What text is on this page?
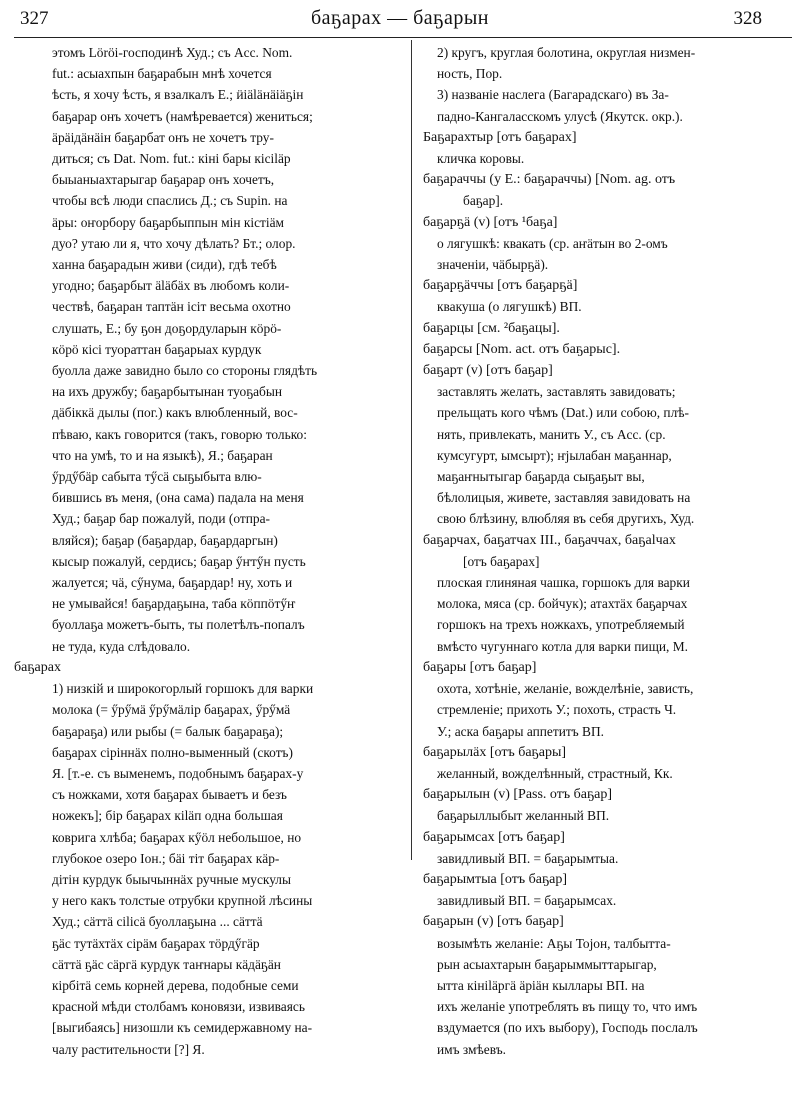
327	баҕарах — баҕарын	328
этомъ Lӧrӧi-господинѣ Худ.; съ Acc. Nom.
fut.: асыахпын баҕарабын мнѣ хочется
ѣсть, я хочу ѣсть, я взалкалъ Е.; ӥіäläнäіäҕін
баҕарар онъ хочетъ (намѣревается) жениться;
äрäідäнäін баҕарбат онъ не хочетъ тру-
диться; съ Dat. Nom. fut.: кіні бары кісіläр
быыаныахтарыгар баҕарар онъ хочетъ,
чтобы всѣ люди спаслись Д.; съ Supin. на
äры: оҥорбору баҕарбыппын мін кістіäм
дуо? утаю ли я, что хочу дѣлать? Бт.; олор.
ханна баҕарадын живи (сиди), гдѣ тебѣ
угодно; баҕарбыт äläбäх въ любомъ коли-
чествѣ, баҕаран таптäн ісіт весьма охотно
слушать, Е.; бу ҕон доҕордуларын кӧрӧ-
кӧрӧ кісі туораттан баҕарыах курдук
буолла даже завидно было со стороны глядѣть
на ихъ дружбу; баҕарбытынан туоҕабын
дäбiккä дылы (пог.) какъ влюбленный, вос-
пѣваю, какъ говорится (такъ, говорю только:
что на умѣ, то и на языкѣ), Я.; баҕаран
ӳрдӳбäр сабыта тӳсä сыҕыбыта влю-
бившись въ меня, (она сама) падала на меня
Худ.; баҕар бар пожалуй, поди (отпра-
вляйся); баҕар (баҕардар, баҕардаргын)
кысыр пожалуй, сердись; баҕар ӳҥтӳн пусть
жалуется; чä, сӳнума, баҕардар! ну, хоть и
не умывайся! баҕардаҕына, таба кӧппӧтӳҥ
буоллаҕа можетъ-быть, ты полетѣлъ-попалъ
не туда, куда слѣдовало.
баҕарах
1) низкій и широкогорлый горшокъ для варки
молока (= ӳрӳмä ӳрӳмäліp баҕарах, ӳрӳмä
баҕараҕа) или рыбы (= балык баҕараҕа);
баҕарах сіріннäх полно-выменный (скотъ)
Я. [т.-е. съ выменемъ, подобнымъ баҕарах-у
съ ножками, хотя баҕарах бываетъ и безъ
ножекъ]; бір баҕарах кіläп одна большая
коврига хлѣба; баҕарах кӳӧл небольшое, но
глубокое озеро Іон.; бäі тіт баҕарах кäр-
дітін курдук быычыннäх ручные мускулы
у него какъ толстые отрубки крупной лѣсины
Худ.; сäттä сіlicä буоллаҕына ... сäттä
ҕäс тутäхтäх сірäм баҕарах тӧрдӳгäр
сäттä ҕäс сäргä курдук таҥнары кäдäҕäн
кірбітä семь корней дерева, подобные семи
красной мѣди столбамъ коновязи, извиваясь
[выгибаясь] низошли къ семидержавному на-
чалу растительности [?] Я.
2) кругъ, круглая болотина, округлая низмен-
ность, Пор.
3) названіе наслега (Багарадскаго) въ За-
падно-Кангаласскомъ улусѣ (Якутск. окр.).
Баҕарахтыр [отъ баҕарах]
кличка коровы.
баҕараччы (у Е.: баҕараччы) [Nom. ag. отъ
баҕар].
баҕарҕä (v) [отъ ¹баҕа]
о лягушкѣ: квакать (ср. аҥäтын во 2-омъ
значеніи, чäбырҕä).
баҕарҕäччы [отъ баҕарҕä]
квакуша (о лягушкѣ) ВП.
баҕарцы [см. ²баҕацы].
баҕарсы [Nom. act. отъ баҕарыс].
баҕарт (v) [отъ баҕар]
заставлять желать, заставлять завидовать;
прельщать кого чѣмъ (Dat.) или собою, плѣ-
нять, привлекать, манить У., съ Acc. (ср.
кумсугурт, ымсырт); ҥјылабан маҕаннар,
маҕаҥнытыгар баҕарда сыҕаҕыт вы,
бѣлолицыя, живете, заставляя завидовать на
свою блѣзину, влюбляя въ себя другихъ, Худ.
баҕарчах, баҕатчах III., баҕаччах, баҕаlчах
[отъ баҕарах]
плоская глиняная чашка, горшокъ для варки
молока, мяса (ср. бойчук); атахтäх баҕарчах
горшокъ на трехъ ножкахъ, употребляемый
вмѣсто чугуннаго котла для варки пищи, М.
баҕары [отъ баҕар]
охота, хотѣніе, желаніе, вожделѣніе, зависть,
стремленіе; прихоть У.; похоть, страсть Ч.
У.; аска баҕары аппетитъ ВП.
баҕарылäх [отъ баҕары]
желанный, вожделѣнный, страстный, Кк.
баҕарылын (v) [Pass. отъ баҕар]
баҕарыллыбыт желанный ВП.
баҕарымсах [отъ баҕар]
завидливый ВП. = баҕарымтыа.
баҕарымтыа [отъ баҕар]
завидливый ВП. = баҕарымсах.
баҕарын (v) [отъ баҕар]
возымѣть желаніе: Аҕы Тоjон, талбытта-
рын асыахтарын баҕарыммыттарыгар,
ытта кініläргä äріäн кыллары ВП. на
ихъ желаніе употреблять въ пищу то, что имъ
вздумается (по ихъ выбору), Господь послалъ
имъ змѣевъ.
